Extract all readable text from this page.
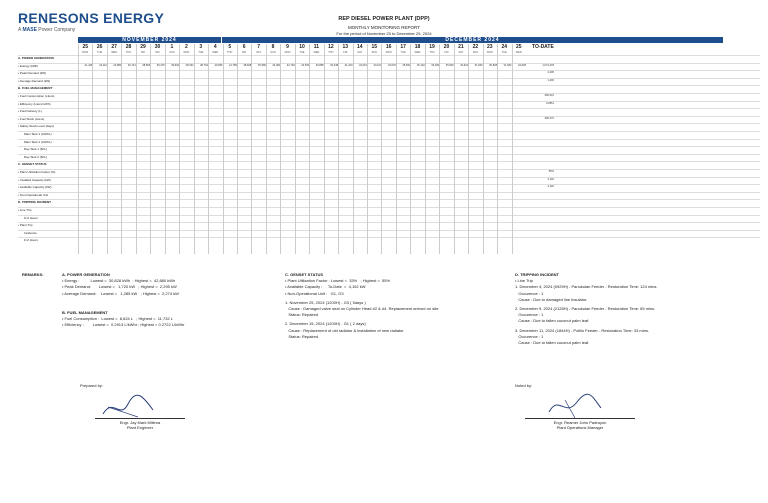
RENESONS ENERGY
A MASE Power Company
REP DIESEL POWER PLANT (DPP)
MONTHLY MONITORING REPORT
For the period of November 25 to December 25, 2024
NOVEMBER 2024	DECEMBER 2024
A. POWER GENERATION
• Energy (kWh)
• Peak Demand (kW)
• Average Demand (kW)
B. FUEL MANAGEMENT
• Fuel Consumption (Liters)
• Efficiency (Liters/ kWh)
• Fuel Delivery (L)
• Fuel Stock (Liters)
• Safety Stock Level (days)
Main Tank 1 (100KL)
Main Tank 2 (100KL)
Day Tank 1 (6KL)
Day Tank 2 (6KL)
C. GENSET STATUS
• Plant Utilization Factor (%)
• Installed Capacity (kW)
• Available Capacity (kW)
• Non-Operational Unit
D. TRIPPING INCIDENT
• Line Trip
# of Hours
• Plant Trip
Incidence
# of Hours
25
MON
41,448
26
TUE
42,112
27
WED
42,880
28
THU
40,712
29
FRI
38,864
30
SAT
35,476
1
SUN
39,594
2
MON
38,332
3
TUE
38,762
4
WED
40,656
5
THU
41,789
6
FRI
38,828
7
SAT
35,980
8
SUN
34,480
9
MON
32,794
10
TUE
32,530
11
WED
30,858
12
THU
30,648
13
FRI
31,220
14
SAT
32,010
15
SUN
33,100
16
MON
34,576
17
TUE
35,830
18
WED
36,120
19
THU
36,480
20
FRI
35,906
21
SAT
33,610
22
SUN
31,840
23
MON
30,828
24
TUE
31,652
25
WED
34,628
TO-DATE
1,073,478
2,295
1,400
306,631
0.2861
396,270
55%
4,192
4,192
REMARKS:	A. POWER GENERATION
• Energy :          Lowest =  30,828 kWh  ; Highest =  42,880 kWh
• Peak Demand:       Lowest =   1,720 kW   ; Highest =  2,295 kW
• Average Demand:    Lowest =   1,285 kW   ; Highest =  2,274 kW
B. FUEL MANAGEMENT
• Fuel Consumption :  Lowest =  8,624 L   ; Highest =  11,732 L
• Efficiency :        Lowest =  0.2913 L/kWhr ; Highest = 0.2722 L/kWhr
C. GENSET STATUS
• Plant Utilization Factor : Lowest =  33%   ; Highest =  55%
• Available Capacity :     To-Date  =  4,192 kW
• Non-Operational Unit :   G1, G3
1. November 25, 2024 (1200H) - G3 ( 5days )
Cause : Damaged valve seal on Cylinder Head #2 & #4. Replacement arrived on site
Status: Repaired
2. December 15, 2024 (1200H) - G1 ( 2 days)
Cause : Replacement of old radiator & installation of new radiator
Status: Repaired
D. TRIPPING INCIDENT
• Line Trip
1. December 4, 2024 (0929H) - Panukulan Feeder - Restoration Time: 124 mins.
Occurence : 1
Cause : Due to damaged line insulator.
2. December 9, 2024 (2128H) - Panukulan Feeder - Restoration Time: 65 mins.
Occurence : 1
Cause : Due to fallen coconut palm leaf.
3. December 11, 2024 (1844H) - Polillo Feeder - Restoration Time: 33 mins.
Occurence : 1
Cause : Due to fallen coconut palm leaf.
Prepared by:
Engr. Jay Mark Millena
Plant Engineer
Noted by:
Engr. Reamer John Padrayon
Plant Operations Manager
